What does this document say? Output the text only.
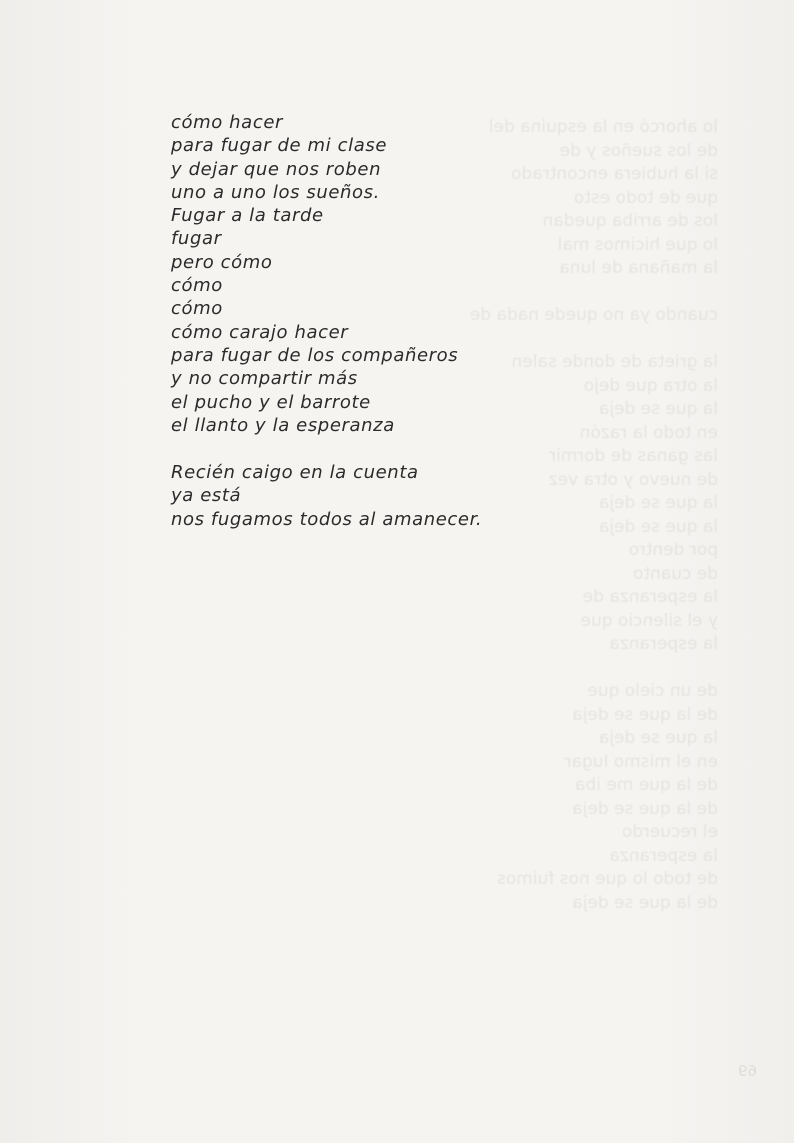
lo ahorcó en la esquina del
de los sueños y de
si la hubiera encontrado
que de todo esto
los de arriba quedan
lo que hicimos mal
la mañana de luna
cuando ya no quede nada de
la grieta de donde salen
la otra que dejo
la que se deja
en todo la razón
las ganas de dormir
de nuevo y otra vez
la que se deja
la que se deja
por dentro
de cuanto
la esperanza de
y el silencio que
la esperanza
de un cielo que
de la que se deja
la que se deja
en el mismo lugar
de la que me iba
de la que se deja
el recuerdo
la esperanza
de todo lo que nos fuimos
de la que se deja
cómo hacer
para fugar de mi clase
y dejar que nos roben
uno a uno los sueños.
Fugar a la tarde
fugar
pero cómo
cómo
cómo
cómo carajo hacer
para fugar de los compañeros
y no compartir más
el pucho y el barrote
el llanto y la esperanza
Recién caigo en la cuenta
ya está
nos fugamos todos al amanecer.
69
